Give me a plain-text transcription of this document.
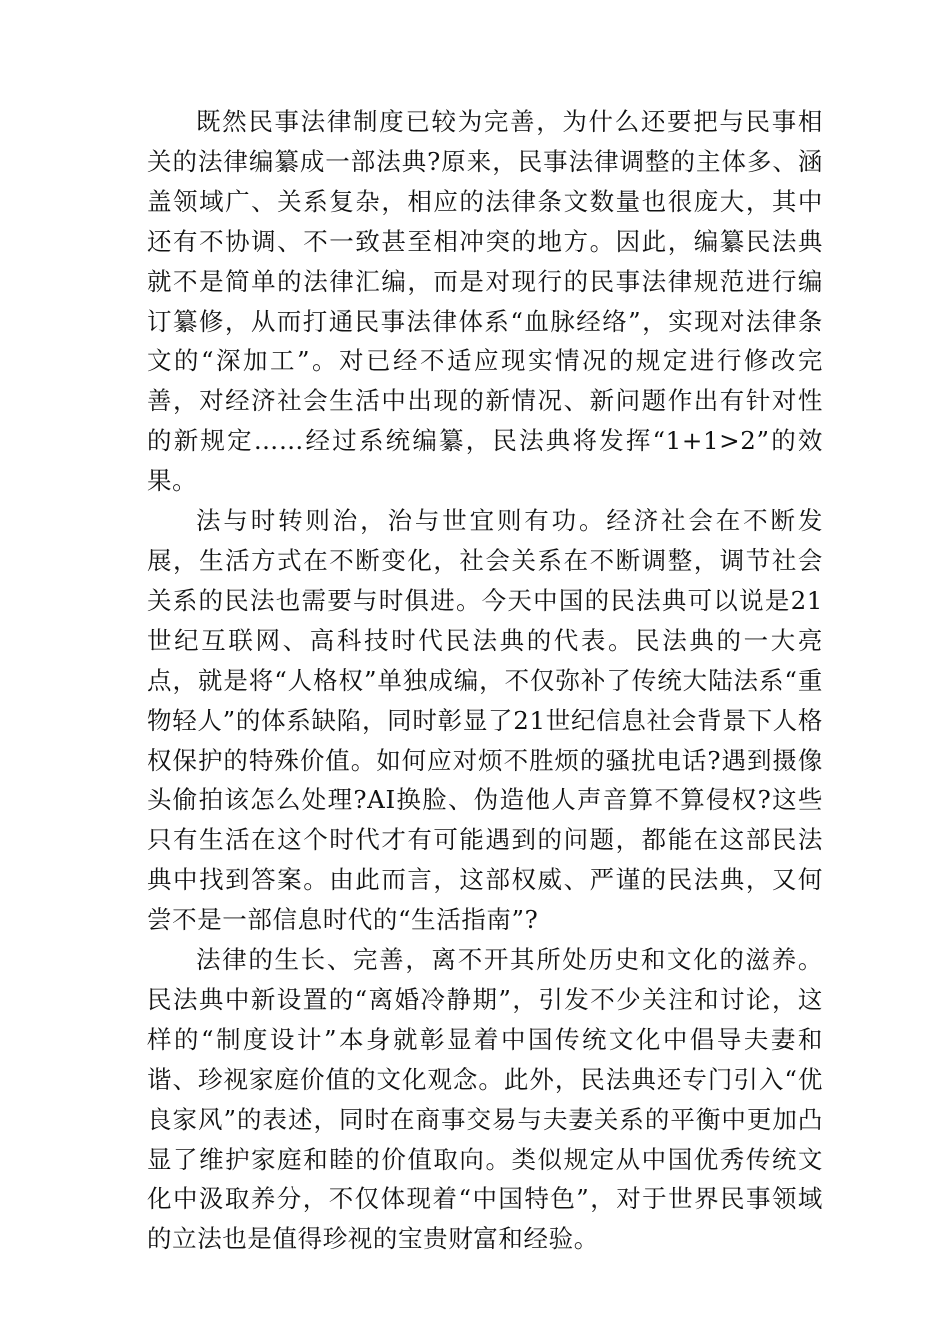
既然民事法律制度已较为完善，为什么还要把与民事相关的法律编纂成一部法典?原来，民事法律调整的主体多、涵盖领域广、关系复杂，相应的法律条文数量也很庞大，其中还有不协调、不一致甚至相冲突的地方。因此，编纂民法典就不是简单的法律汇编，而是对现行的民事法律规范进行编订纂修，从而打通民事法律体系“血脉经络”，实现对法律条文的“深加工”。对已经不适应现实情况的规定进行修改完善，对经济社会生活中出现的新情况、新问题作出有针对性的新规定……经过系统编纂，民法典将发挥“1+1>2”的效果。

法与时转则治，治与世宜则有功。经济社会在不断发展，生活方式在不断变化，社会关系在不断调整，调节社会关系的民法也需要与时俱进。今天中国的民法典可以说是21世纪互联网、高科技时代民法典的代表。民法典的一大亮点，就是将“人格权”单独成编，不仅弥补了传统大陆法系“重物轻人”的体系缺陷，同时彰显了21世纪信息社会背景下人格权保护的特殊价值。如何应对烦不胜烦的骚扰电话?遇到摄像头偷拍该怎么处理?AI换脸、伪造他人声音算不算侵权?这些只有生活在这个时代才有可能遇到的问题，都能在这部民法典中找到答案。由此而言，这部权威、严谨的民法典，又何尝不是一部信息时代的“生活指南”?

法律的生长、完善，离不开其所处历史和文化的滋养。民法典中新设置的“离婚冷静期”，引发不少关注和讨论，这样的“制度设计”本身就彰显着中国传统文化中倡导夫妻和谐、珍视家庭价值的文化观念。此外，民法典还专门引入“优良家风”的表述，同时在商事交易与夫妻关系的平衡中更加凸显了维护家庭和睦的价值取向。类似规定从中国优秀传统文化中汲取养分，不仅体现着“中国特色”，对于世界民事领域的立法也是值得珍视的宝贵财富和经验。
